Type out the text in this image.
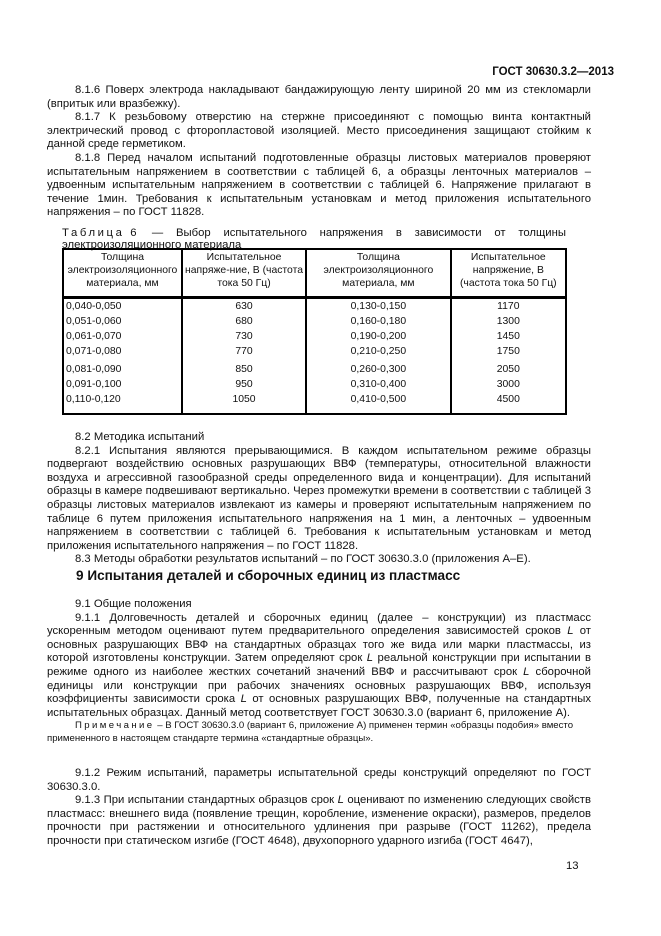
ГОСТ 30630.3.2—2013

8.1.6 Поверх электрода накладывают бандажирующую ленту шириной 20 мм из стекломарли (впритык или вразбежку).

8.1.7 К резьбовому отверстию на стержне присоединяют с помощью винта контактный электрический провод с фторопластовой изоляцией. Место присоединения защищают стойким к данной среде герметиком.

8.1.8 Перед началом испытаний подготовленные образцы листовых материалов проверяют испытательным напряжением в соответствии с таблицей 6, а образцы ленточных материалов – удвоенным испытательным напряжением в соответствии с таблицей 6. Напряжение прилагают в течение 1мин. Требования к испытательным установкам и метод приложения испытательного напряжения – по ГОСТ 11828.

Таблица 6 — Выбор испытательного напряжения в зависимости от толщины
электроизоляционного материала
Толщина электроизоляционного материала, мм	Испытательное напряже-ние, В (частота тока 50 Гц)	Толщина электроизоляционного материала, мм	Испытательное напряжение, В (частота тока 50 Гц)
0,040-0,050	630	0,130-0,150	1170
0,051-0,060	680	0,160-0,180	1300
0,061-0,070	730	0,190-0,200	1450
0,071-0,080	770	0,210-0,250	1750
0,081-0,090	850	0,260-0,300	2050
0,091-0,100	950	0,310-0,400	3000
0,110-0,120	1050	0,410-0,500	4500

8.2 Методика испытаний

8.2.1 Испытания являются прерывающимися. В каждом испытательном режиме образцы подвергают воздействию основных разрушающих ВВФ (температуры, относительной влажности воздуха и агрессивной газообразной среды определенного вида и концентрации). Для испытаний образцы в камере подвешивают вертикально. Через промежутки времени в соответствии с таблицей 3 образцы листовых материалов извлекают из камеры и проверяют испытательным напряжением по таблице 6 путем приложения испытательного напряжения на 1 мин, а ленточных – удвоенным напряжением в соответствии с таблицей 6. Требования к испытательным установкам и метод приложения испытательного напряжения – по ГОСТ 11828.

8.3 Методы обработки результатов испытаний – по ГОСТ 30630.3.0 (приложения А–Е).

9 Испытания деталей и сборочных единиц из пластмасс

9.1 Общие положения

9.1.1 Долговечность деталей и сборочных единиц (далее – конструкции) из пластмасс ускоренным методом оценивают путем предварительного определения зависимостей сроков L от основных разрушающих ВВФ на стандартных образцах того же вида или марки пластмассы, из которой изготовлены конструкции. Затем определяют срок L реальной конструкции при испытании в режиме одного из наиболее жестких сочетаний значений ВВФ и рассчитывают срок L сборочной единицы или конструкции при рабочих значениях основных разрушающих ВВФ, используя коэффициенты зависимости срока L от основных разрушающих ВВФ, полученные на стандартных испытательных образцах. Данный метод соответствует ГОСТ 30630.3.0 (вариант 6, приложение А).

Примечание – В ГОСТ 30630.3.0 (вариант 6, приложение А) применен термин «образцы подобия» вместо примененного в настоящем стандарте термина «стандартные образцы».

9.1.2 Режим испытаний, параметры испытательной среды конструкций определяют по ГОСТ 30630.3.0.

9.1.3 При испытании стандартных образцов срок L оценивают по изменению следующих свойств пластмасс: внешнего вида (появление трещин, коробление, изменение окраски), размеров, пределов прочности при растяжении и относительного удлинения при разрыве (ГОСТ 11262), предела прочности при статическом изгибе (ГОСТ 4648), двухопорного ударного изгиба (ГОСТ 4647),

13
